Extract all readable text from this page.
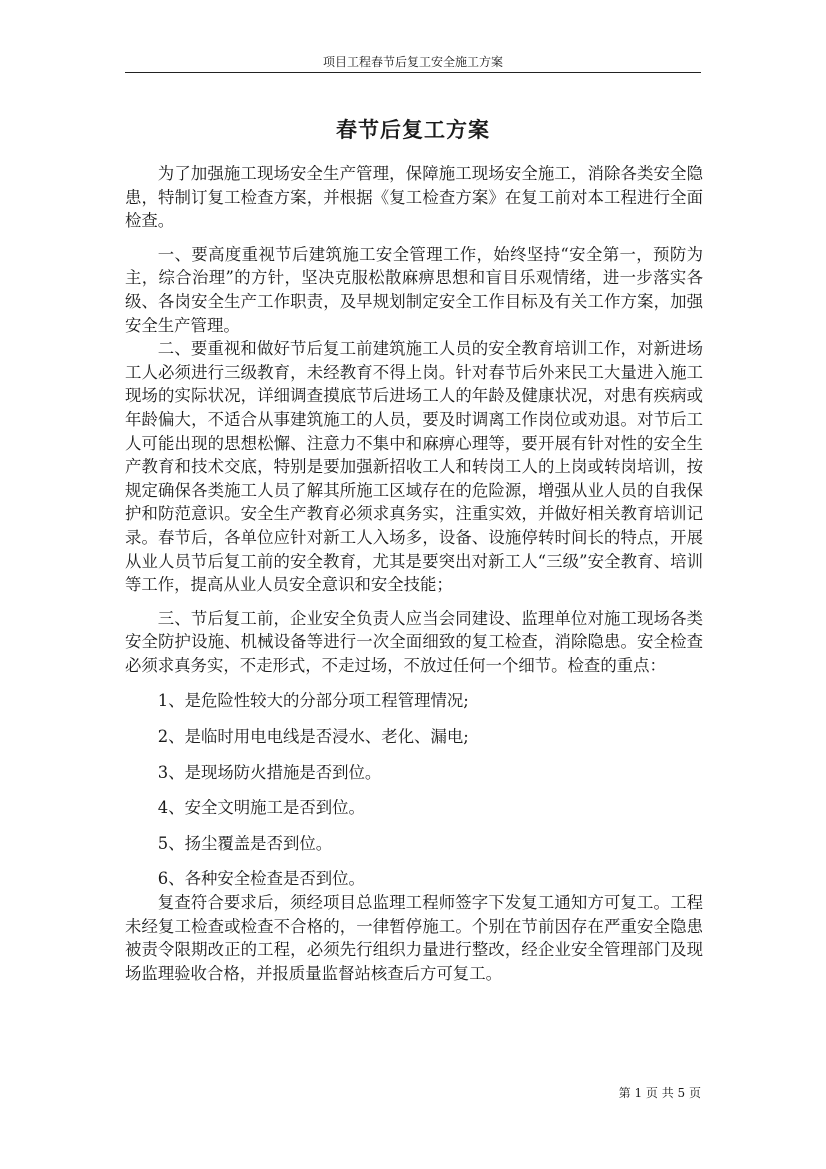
项目工程春节后复工安全施工方案
春节后复工方案

为了加强施工现场安全生产管理，保障施工现场安全施工，消除各类安全隐患，特制订复工检查方案，并根据《复工检查方案》在复工前对本工程进行全面检查。

一、要高度重视节后建筑施工安全管理工作，始终坚持“安全第一，预防为主，综合治理”的方针，坚决克服松散麻痹思想和盲目乐观情绪，进一步落实各级、各岗安全生产工作职责，及早规划制定安全工作目标及有关工作方案，加强安全生产管理。

二、要重视和做好节后复工前建筑施工人员的安全教育培训工作，对新进场工人必须进行三级教育，未经教育不得上岗。针对春节后外来民工大量进入施工现场的实际状况，详细调查摸底节后进场工人的年龄及健康状况，对患有疾病或年龄偏大，不适合从事建筑施工的人员，要及时调离工作岗位或劝退。对节后工人可能出现的思想松懈、注意力不集中和麻痹心理等，要开展有针对性的安全生产教育和技术交底，特别是要加强新招收工人和转岗工人的上岗或转岗培训，按规定确保各类施工人员了解其所施工区域存在的危险源，增强从业人员的自我保护和防范意识。安全生产教育必须求真务实，注重实效，并做好相关教育培训记录。春节后，各单位应针对新工人入场多，设备、设施停转时间长的特点，开展从业人员节后复工前的安全教育，尤其是要突出对新工人“三级”安全教育、培训等工作，提高从业人员安全意识和安全技能；

三、节后复工前，企业安全负责人应当会同建设、监理单位对施工现场各类安全防护设施、机械设备等进行一次全面细致的复工检查，消除隐患。安全检查必须求真务实，不走形式，不走过场，不放过任何一个细节。检查的重点：

1、是危险性较大的分部分项工程管理情况;

2、是临时用电电线是否浸水、老化、漏电;

3、是现场防火措施是否到位。

4、安全文明施工是否到位。

5、扬尘覆盖是否到位。

6、各种安全检查是否到位。

复查符合要求后，须经项目总监理工程师签字下发复工通知方可复工。工程未经复工检查或检查不合格的，一律暂停施工。个别在节前因存在严重安全隐患被责令限期改正的工程，必须先行组织力量进行整改，经企业安全管理部门及现场监理验收合格，并报质量监督站核查后方可复工。

第 1 页 共 5 页
